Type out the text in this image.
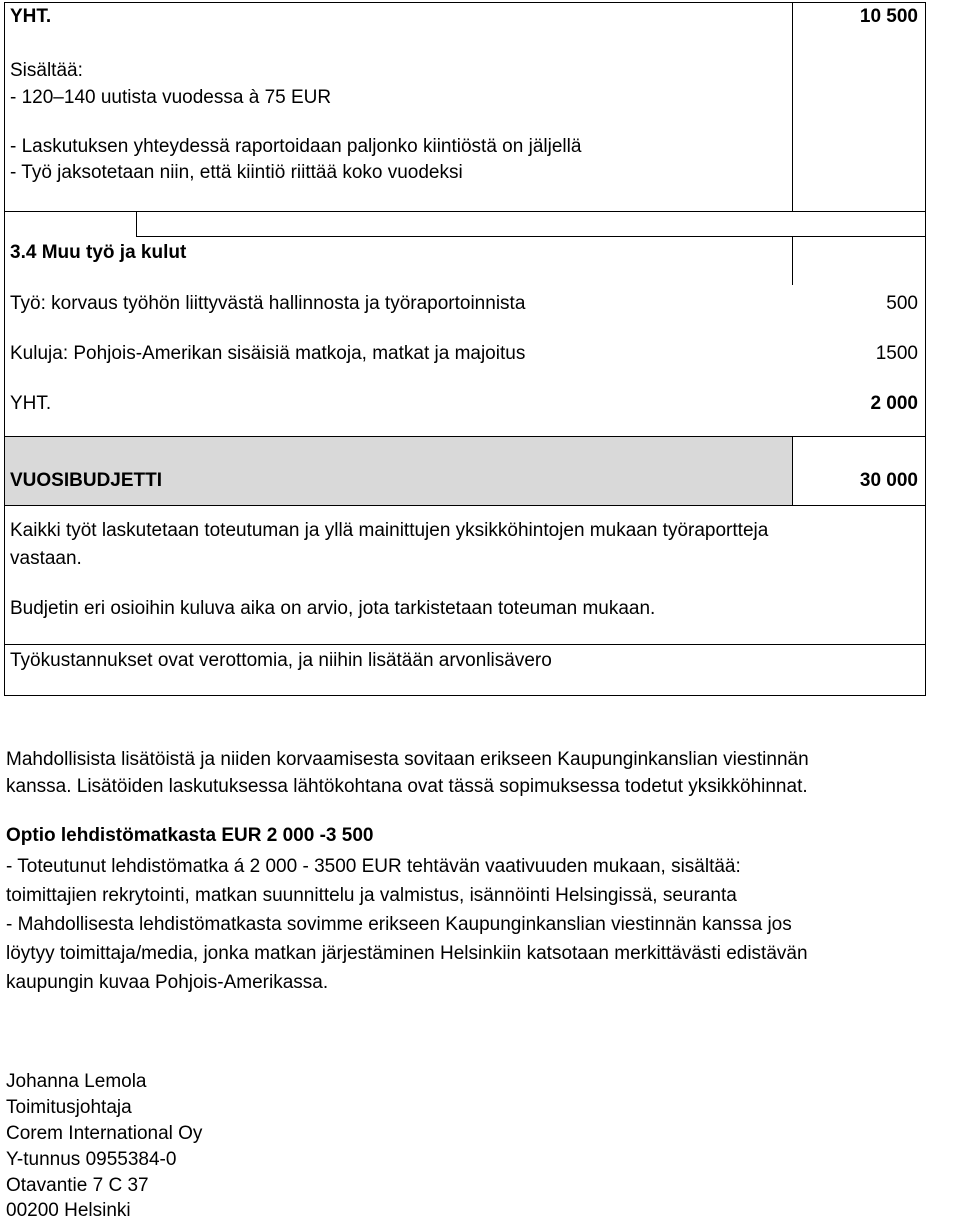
YHT.	10 500
Sisältää:
- 120–140 uutista vuodessa à 75 EUR
- Laskutuksen yhteydessä raportoidaan paljonko kiintiöstä on jäljellä
- Työ jaksotetaan niin, että kiintiö riittää koko vuodeksi
3.4 Muu työ ja kulut
Työ: korvaus työhön liittyvästä hallinnosta ja työraportoinnista	500
Kuluja: Pohjois-Amerikan sisäisiä matkoja, matkat ja majoitus	1500
YHT.	2 000
VUOSIBUDJETTI	30 000
Kaikki työt laskutetaan toteutuman ja yllä mainittujen yksikköhintojen mukaan työraportteja
vastaan.
Budjetin eri osioihin kuluva aika on arvio, jota tarkistetaan toteuman mukaan.
Työkustannukset ovat verottomia, ja niihin lisätään arvonlisävero
Mahdollisista lisätöistä ja niiden korvaamisesta sovitaan erikseen Kaupunginkanslian viestinnän
kanssa. Lisätöiden laskutuksessa lähtökohtana ovat tässä sopimuksessa todetut yksikköhinnat.
Optio lehdistömatkasta EUR 2 000 -3 500
- Toteutunut lehdistömatka á 2 000 - 3500 EUR tehtävän vaativuuden mukaan, sisältää:
toimittajien rekrytointi, matkan suunnittelu ja valmistus, isännöinti Helsingissä, seuranta
- Mahdollisesta lehdistömatkasta sovimme erikseen Kaupunginkanslian viestinnän kanssa jos
löytyy toimittaja/media, jonka matkan järjestäminen Helsinkiin katsotaan merkittävästi edistävän
kaupungin kuvaa Pohjois-Amerikassa.
Johanna Lemola
Toimitusjohtaja
Corem International Oy
Y-tunnus 0955384-0
Otavantie 7 C 37
00200 Helsinki
